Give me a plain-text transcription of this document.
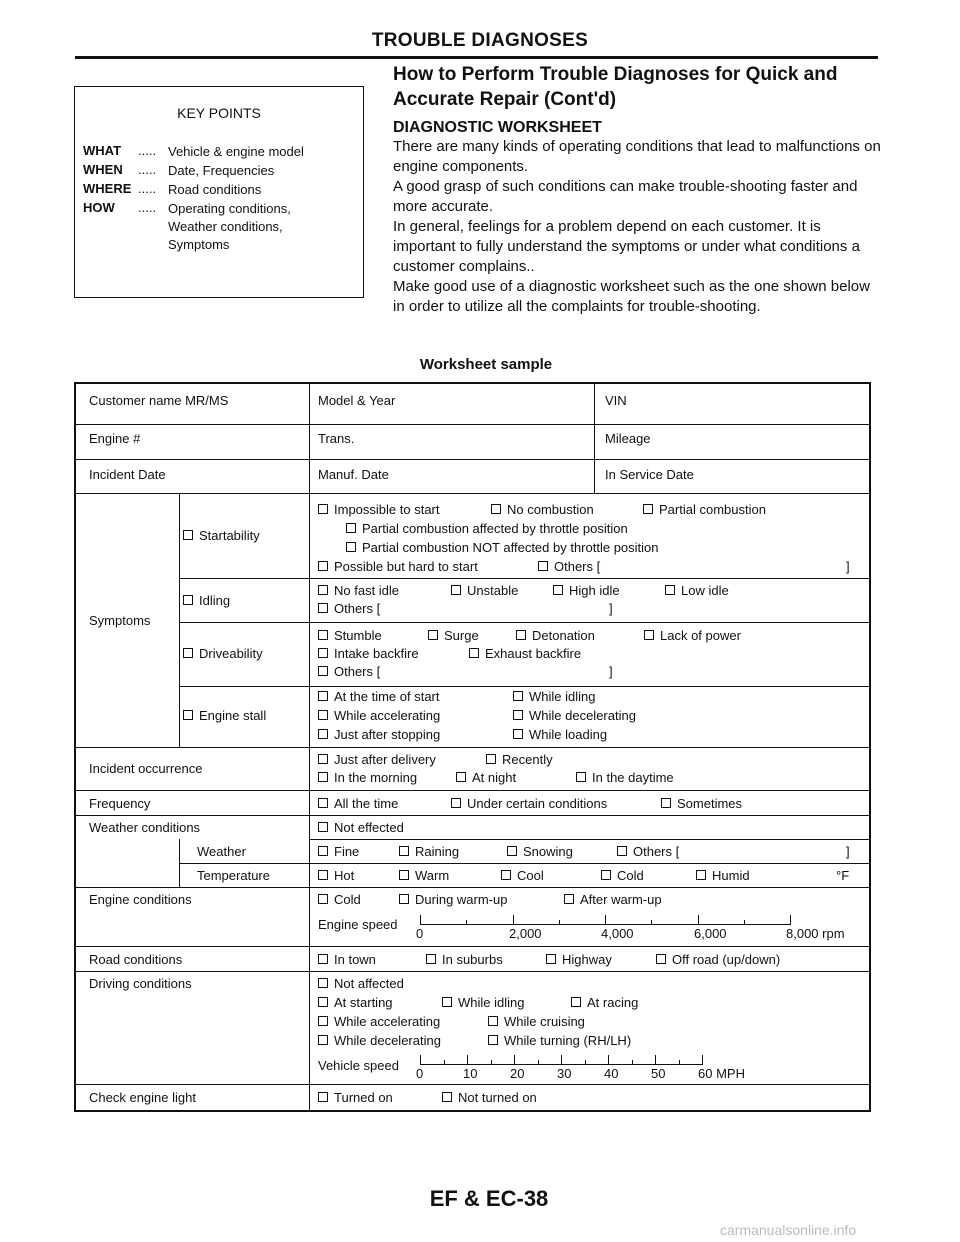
TROUBLE DIAGNOSES
KEY POINTS
WHAT	..... Vehicle & engine model
WHEN	..... Date, Frequencies
WHERE ..... Road conditions
HOW	..... Operating conditions, Weather conditions, Symptoms
How to Perform Trouble Diagnoses for Quick and Accurate Repair (Cont'd)
DIAGNOSTIC WORKSHEET

There are many kinds of operating conditions that lead to malfunctions on engine components.

A good grasp of such conditions can make trouble-shooting faster and more accurate.

In general, feelings for a problem depend on each customer. It is important to fully understand the symptoms or under what conditions a customer complains..

Make good use of a diagnostic worksheet such as the one shown below in order to utilize all the complaints for trouble-shooting.

Worksheet sample
Customer name MR/MS	Model & Year	VIN
Engine #	Trans.	Mileage
Incident Date	Manuf. Date	In Service Date
Symptoms
Startability
Impossible to start	No combustion	Partial combustion
Partial combustion affected by throttle position
Partial combustion NOT affected by throttle position
Possible but hard to start	Others [	]
Idling
No fast idle	Unstable	High idle	Low idle
Others [	]
Driveability
Stumble	Surge	Detonation	Lack of power
Intake backfire	Exhaust backfire
Others [	]
Engine stall
At the time of start	While idling
While accelerating	While decelerating
Just after stopping	While loading
Incident occurrence
Just after delivery	Recently
In the morning	At night	In the daytime
Frequency	All the time	Under certain conditions	Sometimes
Weather conditions	Not effected
Weather	Fine	Raining	Snowing	Others [	]
Temperature	Hot	Warm	Cool	Cold	Humid	°F
Engine conditions	Cold	During warm-up	After warm-up
Engine speed
0	2,000	4,000	6,000	8,000 rpm
Road conditions	In town	In suburbs	Highway	Off road (up/down)
Driving conditions	Not affected
At starting	While idling	At racing
While accelerating	While cruising
While decelerating	While turning (RH/LH)
Vehicle speed
0	10	20	30	40	50	60 MPH
Check engine light	Turned on	Not turned on
EF & EC-38
carmanualsonline.info
